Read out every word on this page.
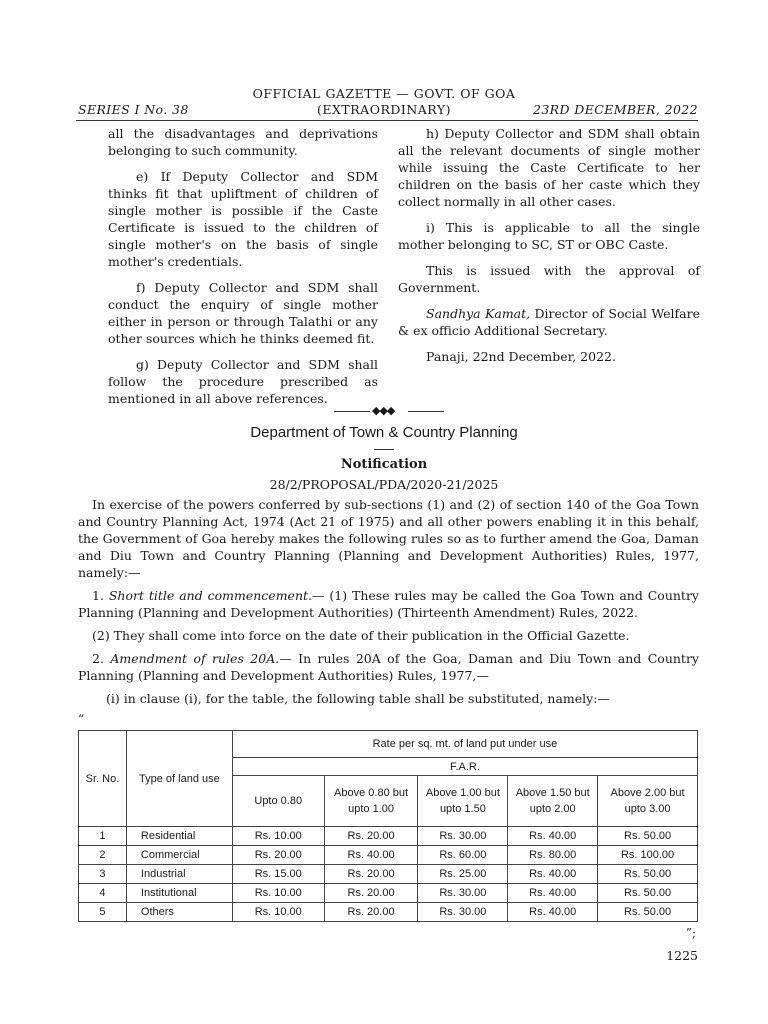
OFFICIAL GAZETTE — GOVT. OF GOA
(EXTRAORDINARY)
SERIES I No. 38	23RD DECEMBER, 2022

all the disadvantages and deprivations belonging to such community.

e) If Deputy Collector and SDM thinks fit that upliftment of children of single mother is possible if the Caste Certificate is issued to the children of single mother's on the basis of single mother's credentials.

f) Deputy Collector and SDM shall conduct the enquiry of single mother either in person or through Talathi or any other sources which he thinks deemed fit.

g) Deputy Collector and SDM shall follow the procedure prescribed as mentioned in all above references.

h) Deputy Collector and SDM shall obtain all the relevant documents of single mother while issuing the Caste Certificate to her children on the basis of her caste which they collect normally in all other cases.

i) This is applicable to all the single mother belonging to SC, ST or OBC Caste.

This is issued with the approval of Government.

Sandhya Kamat, Director of Social Welfare & ex officio Additional Secretary.

Panaji, 22nd December, 2022.

◆◆◆
Department of Town & Country Planning
Notification
28/2/PROPOSAL/PDA/2020-21/2025

In exercise of the powers conferred by sub-sections (1) and (2) of section 140 of the Goa Town and Country Planning Act, 1974 (Act 21 of 1975) and all other powers enabling it in this behalf, the Government of Goa hereby makes the following rules so as to further amend the Goa, Daman and Diu Town and Country Planning (Planning and Development Authorities) Rules, 1977, namely:—

1. Short title and commencement.— (1) These rules may be called the Goa Town and Country Planning (Planning and Development Authorities) (Thirteenth Amendment) Rules, 2022.

(2) They shall come into force on the date of their publication in the Official Gazette.

2. Amendment of rules 20A.— In rules 20A of the Goa, Daman and Diu Town and Country Planning (Planning and Development Authorities) Rules, 1977,—

(i) in clause (i), for the table, the following table shall be substituted, namely:—

“
Sr. No.	Type of land use	Rate per sq. mt. of land put under use				
		F.A.R.				
		Upto 0.80	Above 0.80 but upto 1.00	Above 1.00 but upto 1.50	Above 1.50 but upto 2.00	Above 2.00 but upto 3.00
1	Residential	Rs. 10.00	Rs. 20.00	Rs. 30.00	Rs. 40.00	Rs. 50.00
2	Commercial	Rs. 20.00	Rs. 40.00	Rs. 60.00	Rs. 80.00	Rs. 100.00
3	Industrial	Rs. 15.00	Rs. 20.00	Rs. 25.00	Rs. 40.00	Rs. 50.00
4	Institutional	Rs. 10.00	Rs. 20.00	Rs. 30.00	Rs. 40.00	Rs. 50.00
5	Others	Rs. 10.00	Rs. 20.00	Rs. 30.00	Rs. 40.00	Rs. 50.00
”;
1225
